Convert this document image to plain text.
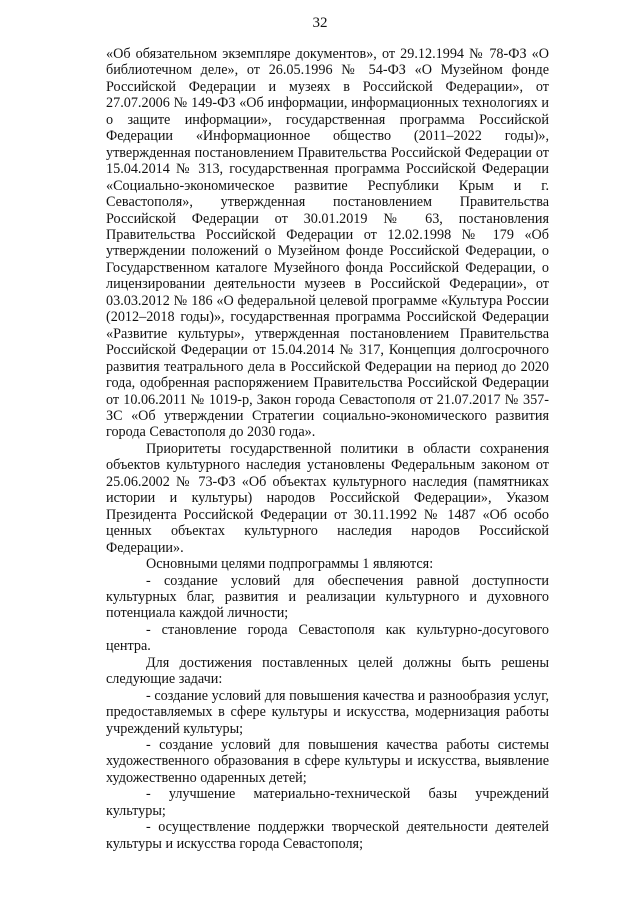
32

«Об обязательном экземпляре документов», от 29.12.1994 № 78-ФЗ «О библиотечном деле», от 26.05.1996 № 54-ФЗ «О Музейном фонде Российской Федерации и музеях в Российской Федерации», от 27.07.2006 № 149-ФЗ «Об информации, информационных технологиях и о защите информации», государственная программа Российской Федерации «Информационное общество (2011–2022 годы)», утвержденная постановлением Правительства Российской Федерации от 15.04.2014 № 313, государственная программа Российской Федерации «Социально-экономическое развитие Республики Крым и г. Севастополя», утвержденная постановлением Правительства Российской Федерации от 30.01.2019 № 63, постановления Правительства Российской Федерации от 12.02.1998 № 179 «Об утверждении положений о Музейном фонде Российской Федерации, о Государственном каталоге Музейного фонда Российской Федерации, о лицензировании деятельности музеев в Российской Федерации», от 03.03.2012 № 186 «О федеральной целевой программе «Культура России (2012–2018 годы)», государственная программа Российской Федерации «Развитие культуры», утвержденная постановлением Правительства Российской Федерации от 15.04.2014 № 317, Концепция долгосрочного развития театрального дела в Российской Федерации на период до 2020 года, одобренная распоряжением Правительства Российской Федерации от 10.06.2011 № 1019-р, Закон города Севастополя от 21.07.2017 № 357-ЗС «Об утверждении Стратегии социально-экономического развития города Севастополя до 2030 года».

Приоритеты государственной политики в области сохранения объектов культурного наследия установлены Федеральным законом от 25.06.2002 № 73-ФЗ «Об объектах культурного наследия (памятниках истории и культуры) народов Российской Федерации», Указом Президента Российской Федерации от 30.11.1992 № 1487 «Об особо ценных объектах культурного наследия народов Российской Федерации».

Основными целями подпрограммы 1 являются:

- создание условий для обеспечения равной доступности культурных благ, развития и реализации культурного и духовного потенциала каждой личности;

- становление города Севастополя как культурно-досугового центра.

Для достижения поставленных целей должны быть решены следующие задачи:

- создание условий для повышения качества и разнообразия услуг, предоставляемых в сфере культуры и искусства, модернизация работы учреждений культуры;

- создание условий для повышения качества работы системы художественного образования в сфере культуры и искусства, выявление художественно одаренных детей;

- улучшение материально-технической базы учреждений культуры;

- осуществление поддержки творческой деятельности деятелей культуры и искусства города Севастополя;
